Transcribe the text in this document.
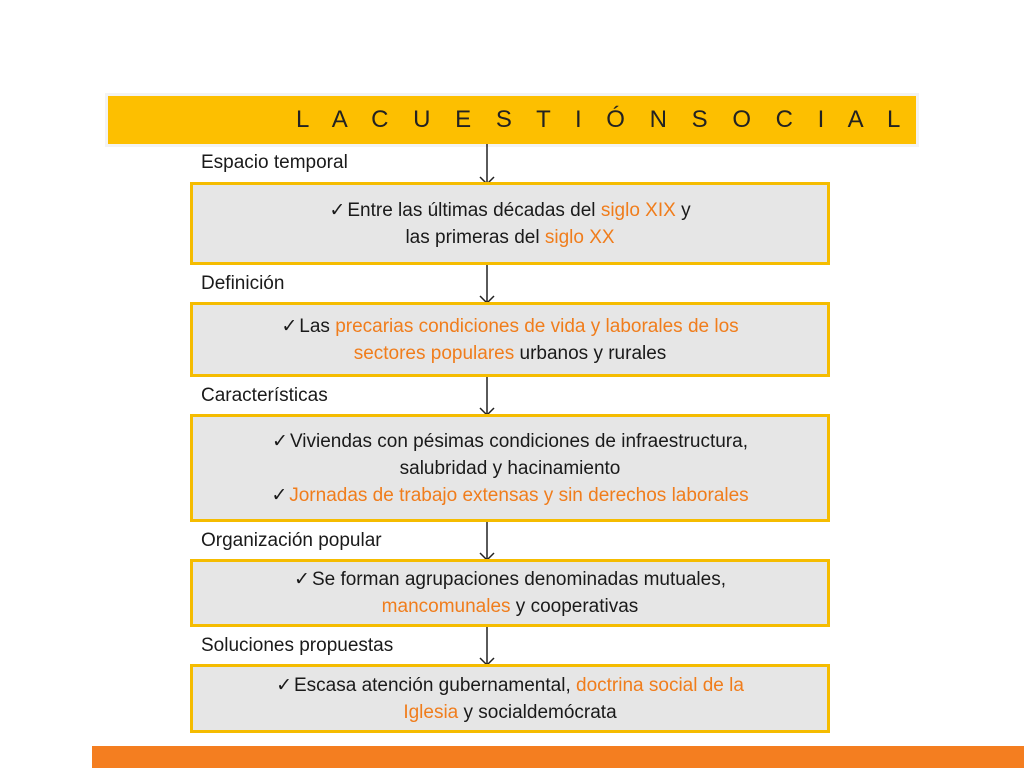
L A C U E S T I Ó N S O C I A L
Espacio temporal
✓ Entre las últimas décadas del siglo XIX y
las primeras del siglo XX
Definición
✓ Las precarias condiciones de vida y laborales de los
sectores populares urbanos y rurales
Características
✓ Viviendas con pésimas condiciones de infraestructura,
salubridad y hacinamiento
✓ Jornadas de trabajo extensas y sin derechos laborales
Organización popular
✓ Se forman agrupaciones denominadas mutuales,
mancomunales y cooperativas
Soluciones propuestas
✓ Escasa atención gubernamental, doctrina social de la
Iglesia y socialdemócrata
